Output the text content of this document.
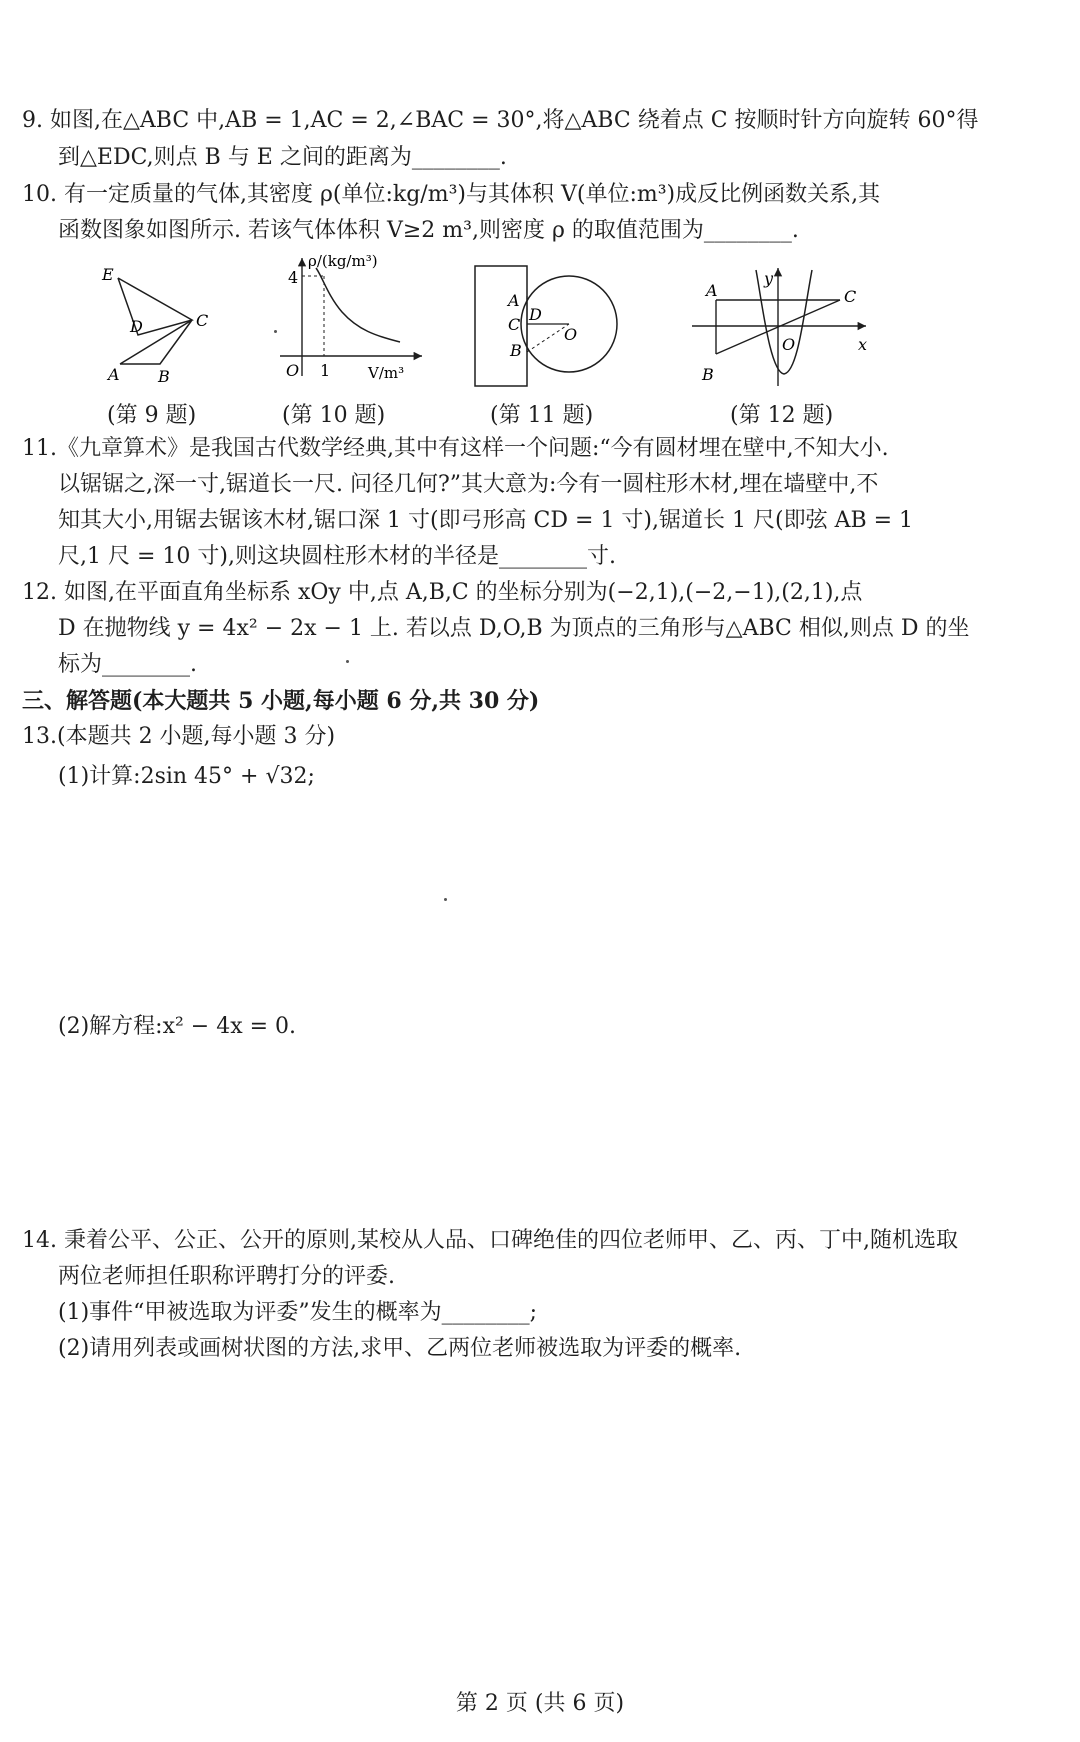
9. 如图,在△ABC 中,AB = 1,AC = 2,∠BAC = 30°,将△ABC 绕着点 C 按顺时针方向旋转 60°得
到△EDC,则点 B 与 E 之间的距离为________.
10. 有一定质量的气体,其密度 ρ(单位:kg/m³)与其体积 V(单位:m³)成反比例函数关系,其
函数图象如图所示. 若该气体体积 V≥2 m³,则密度 ρ 的取值范围为________.
E
D	C
A B
(第 9 题)
4
ρ/(kg/m³)
O 1	V/m³
(第 10 题)
A
C
D
O
B
(第 11 题)
A	C
B
O	x
y
(第 12 题)
11.《九章算术》是我国古代数学经典,其中有这样一个问题:“今有圆材埋在壁中,不知大小.
以锯锯之,深一寸,锯道长一尺. 问径几何?”其大意为:今有一圆柱形木材,埋在墙壁中,不
知其大小,用锯去锯该木材,锯口深 1 寸(即弓形高 CD = 1 寸),锯道长 1 尺(即弦 AB = 1
尺,1 尺 = 10 寸),则这块圆柱形木材的半径是________寸.
12. 如图,在平面直角坐标系 xOy 中,点 A,B,C 的坐标分别为(−2,1),(−2,−1),(2,1),点
D 在抛物线 y = 4x² − 2x − 1 上. 若以点 D,O,B 为顶点的三角形与△ABC 相似,则点 D 的坐
标为________.
三、解答题(本大题共 5 小题,每小题 6 分,共 30 分)
13.(本题共 2 小题,每小题 3 分)
(1)计算:2sin 45° + √32;
(2)解方程:x² − 4x = 0.
14. 秉着公平、公正、公开的原则,某校从人品、口碑绝佳的四位老师甲、乙、丙、丁中,随机选取
两位老师担任职称评聘打分的评委.
(1)事件“甲被选取为评委”发生的概率为________;
(2)请用列表或画树状图的方法,求甲、乙两位老师被选取为评委的概率.
第 2 页 (共 6 页)
